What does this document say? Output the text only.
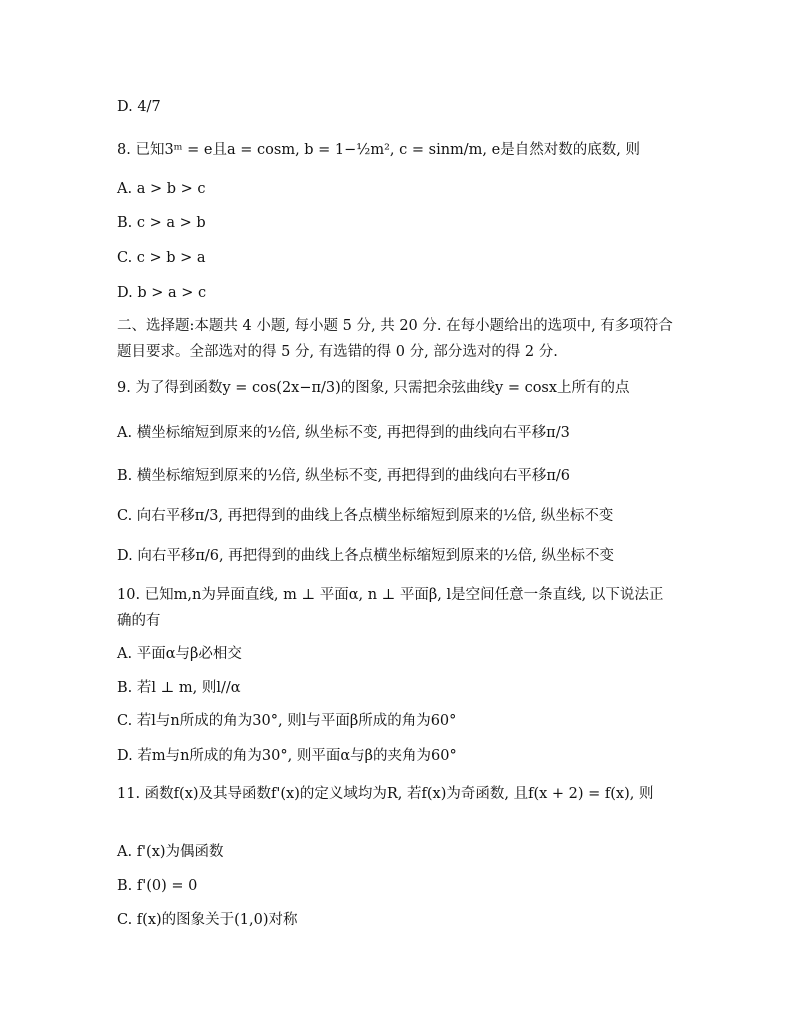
D. 4/7
8. 已知3ᵐ = e且a = cosm, b = 1−½m², c = sinm/m, e是自然对数的底数, 则
A. a > b > c
B. c > a > b
C. c > b > a
D. b > a > c
二、选择题:本题共 4 小题, 每小题 5 分, 共 20 分. 在每小题给出的选项中, 有多项符合题目要求。全部选对的得 5 分, 有选错的得 0 分, 部分选对的得 2 分.
9. 为了得到函数y = cos(2x−π/3)的图象, 只需把余弦曲线y = cosx上所有的点
A. 横坐标缩短到原来的½倍, 纵坐标不变, 再把得到的曲线向右平移π/3
B. 横坐标缩短到原来的½倍, 纵坐标不变, 再把得到的曲线向右平移π/6
C. 向右平移π/3, 再把得到的曲线上各点横坐标缩短到原来的½倍, 纵坐标不变
D. 向右平移π/6, 再把得到的曲线上各点横坐标缩短到原来的½倍, 纵坐标不变
10. 已知m,n为异面直线, m ⊥ 平面α, n ⊥ 平面β, l是空间任意一条直线, 以下说法正确的有
A. 平面α与β必相交
B. 若l ⊥ m, 则l//α
C. 若l与n所成的角为30°, 则l与平面β所成的角为60°
D. 若m与n所成的角为30°, 则平面α与β的夹角为60°
11. 函数f(x)及其导函数f'(x)的定义域均为R, 若f(x)为奇函数, 且f(x + 2) = f(x), 则
A. f'(x)为偶函数
B. f'(0) = 0
C. f(x)的图象关于(1,0)对称
